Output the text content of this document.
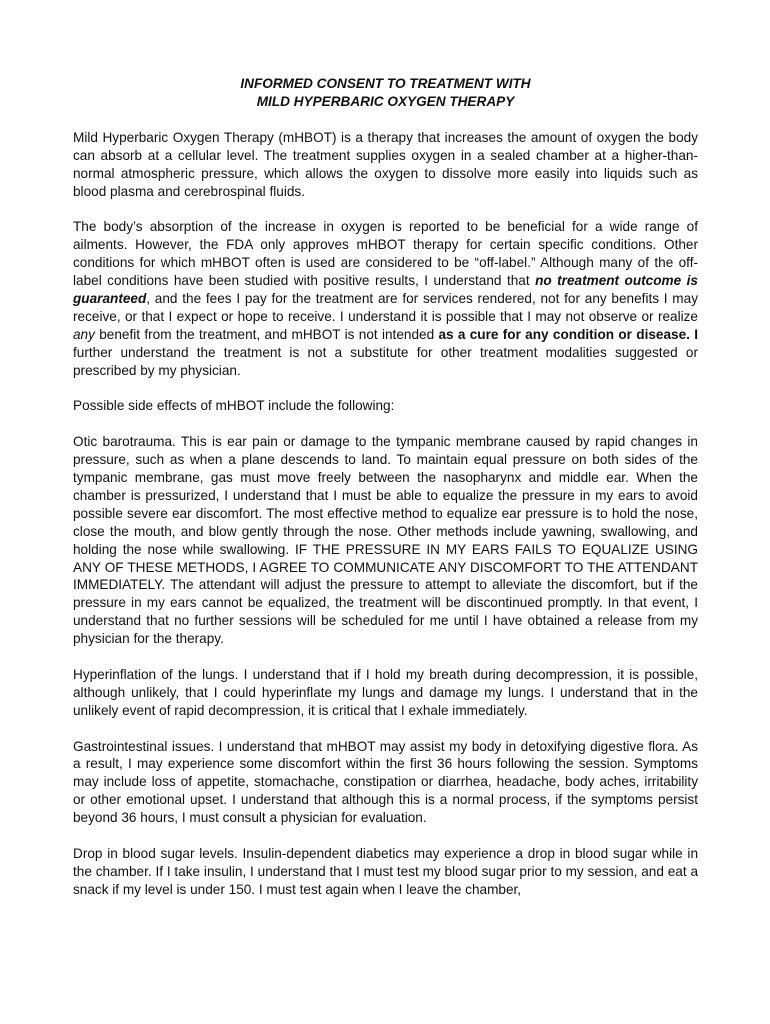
INFORMED CONSENT TO TREATMENT WITH
MILD HYPERBARIC OXYGEN THERAPY

Mild Hyperbaric Oxygen Therapy (mHBOT) is a therapy that increases the amount of oxygen the body can absorb at a cellular level. The treatment supplies oxygen in a sealed chamber at a higher-than-normal atmospheric pressure, which allows the oxygen to dissolve more easily into liquids such as blood plasma and cerebrospinal fluids.

The body’s absorption of the increase in oxygen is reported to be beneficial for a wide range of ailments. However, the FDA only approves mHBOT therapy for certain specific conditions. Other conditions for which mHBOT often is used are considered to be “off-label.” Although many of the off-label conditions have been studied with positive results, I understand that no treatment outcome is guaranteed, and the fees I pay for the treatment are for services rendered, not for any benefits I may receive, or that I expect or hope to receive. I understand it is possible that I may not observe or realize any benefit from the treatment, and mHBOT is not intended as a cure for any condition or disease. I further understand the treatment is not a substitute for other treatment modalities suggested or prescribed by my physician.

Possible side effects of mHBOT include the following:

Otic barotrauma. This is ear pain or damage to the tympanic membrane caused by rapid changes in pressure, such as when a plane descends to land. To maintain equal pressure on both sides of the tympanic membrane, gas must move freely between the nasopharynx and middle ear. When the chamber is pressurized, I understand that I must be able to equalize the pressure in my ears to avoid possible severe ear discomfort. The most effective method to equalize ear pressure is to hold the nose, close the mouth, and blow gently through the nose. Other methods include yawning, swallowing, and holding the nose while swallowing. IF THE PRESSURE IN MY EARS FAILS TO EQUALIZE USING ANY OF THESE METHODS, I AGREE TO COMMUNICATE ANY DISCOMFORT TO THE ATTENDANT IMMEDIATELY. The attendant will adjust the pressure to attempt to alleviate the discomfort, but if the pressure in my ears cannot be equalized, the treatment will be discontinued promptly. In that event, I understand that no further sessions will be scheduled for me until I have obtained a release from my physician for the therapy.

Hyperinflation of the lungs. I understand that if I hold my breath during decompression, it is possible, although unlikely, that I could hyperinflate my lungs and damage my lungs. I understand that in the unlikely event of rapid decompression, it is critical that I exhale immediately.

Gastrointestinal issues. I understand that mHBOT may assist my body in detoxifying digestive flora. As a result, I may experience some discomfort within the first 36 hours following the session. Symptoms may include loss of appetite, stomachache, constipation or diarrhea, headache, body aches, irritability or other emotional upset. I understand that although this is a normal process, if the symptoms persist beyond 36 hours, I must consult a physician for evaluation.

Drop in blood sugar levels. Insulin-dependent diabetics may experience a drop in blood sugar while in the chamber. If I take insulin, I understand that I must test my blood sugar prior to my session, and eat a snack if my level is under 150. I must test again when I leave the chamber,
